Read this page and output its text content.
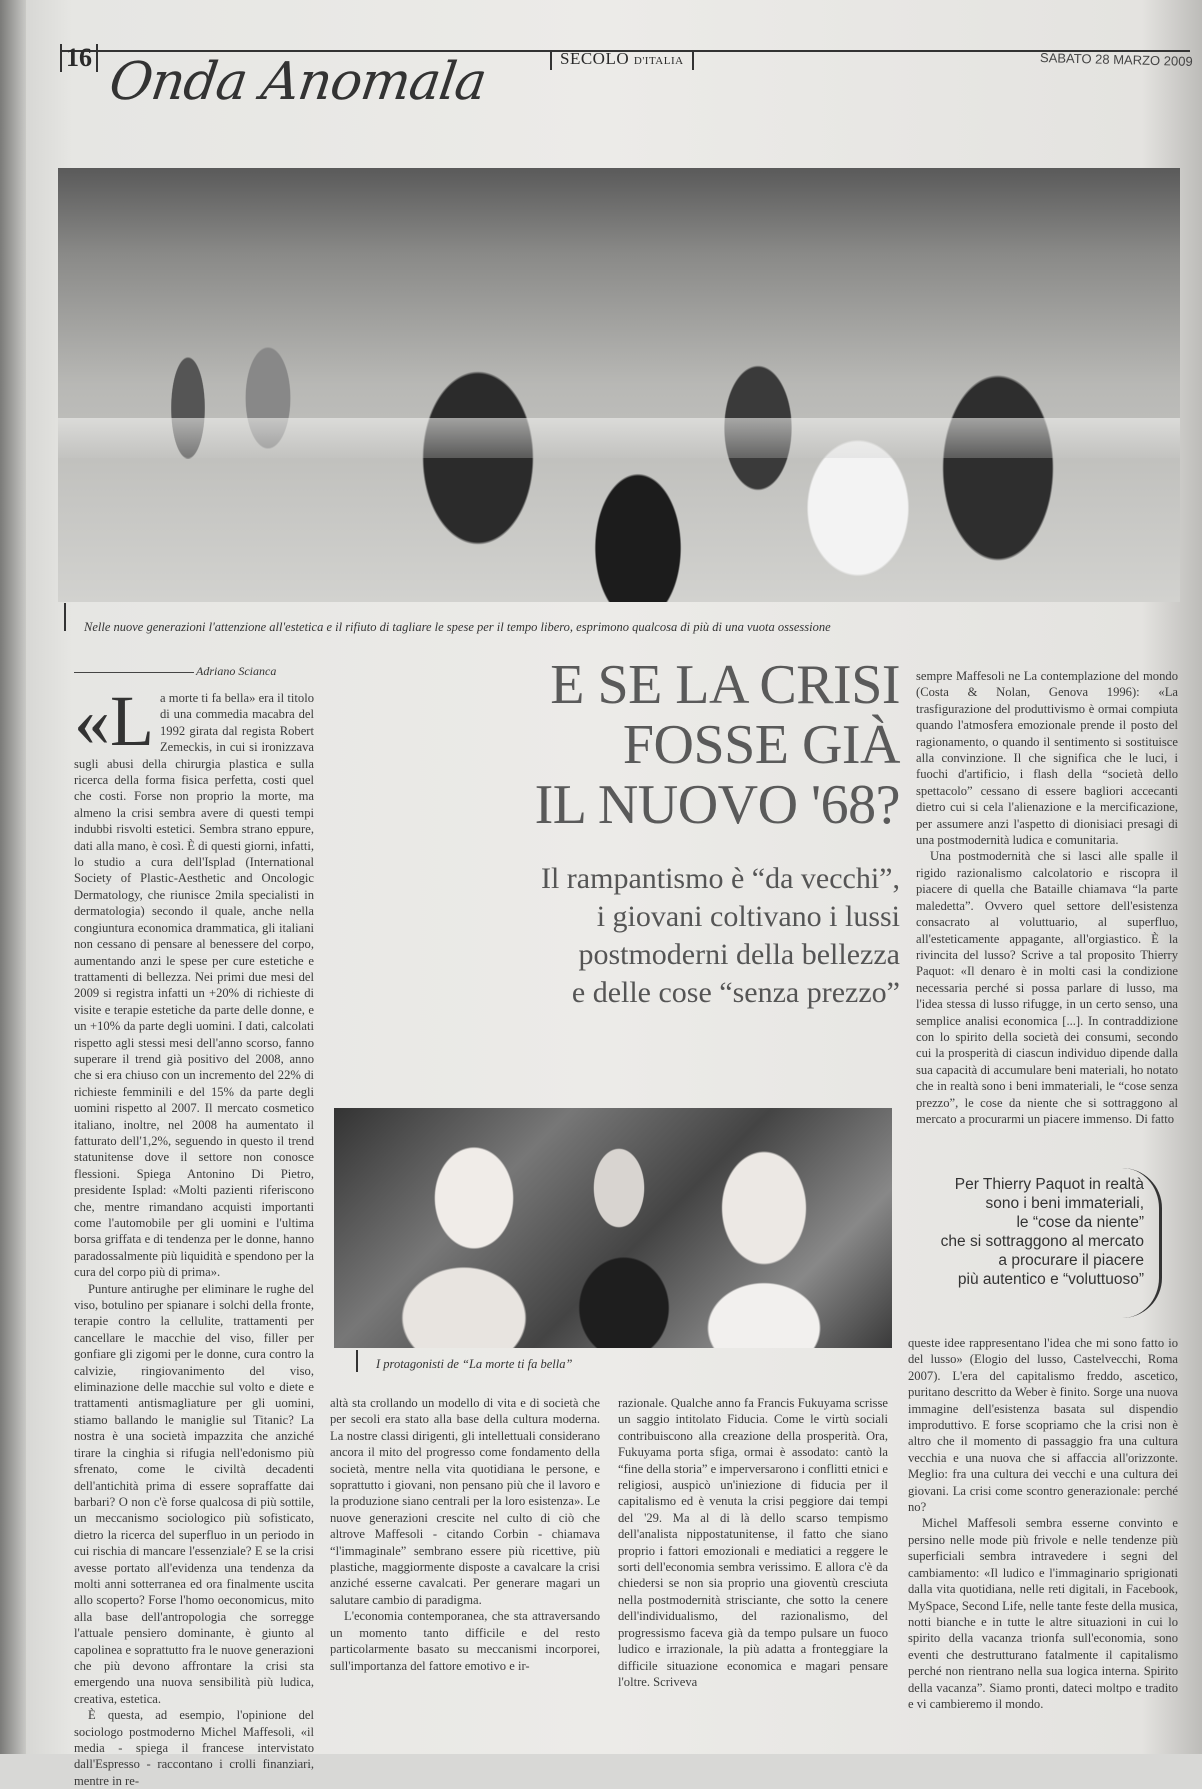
16 Onda Anomala	SECOLO D'ITALIA	SABATO 28 MARZO 2009
Nelle nuove generazioni l'attenzione all'estetica e il rifiuto di tagliare le spese per il tempo libero, esprimono qualcosa di più di una vuota ossessione
Adriano Scianca	E SE LA CRISI
FOSSE GIÀ
IL NUOVO '68?
Il rampantismo è “da vecchi”,
i giovani coltivano i lussi
postmoderni della bellezza
e delle cose “senza prezzo”

«La morte ti fa bella» era il titolo di una commedia macabra del 1992 girata dal regista Robert Zemeckis, in cui si ironizzava sugli abusi della chirurgia plastica e sulla ricerca della forma fisica perfetta, costi quel che costi. Forse non proprio la morte, ma almeno la crisi sembra avere di questi tempi indubbi risvolti estetici. Sembra strano eppure, dati alla mano, è così. È di questi giorni, infatti, lo studio a cura dell'Isplad (International Society of Plastic-Aesthetic and Oncologic Dermatology, che riunisce 2mila specialisti in dermatologia) secondo il quale, anche nella congiuntura economica drammatica, gli italiani non cessano di pensare al benessere del corpo, aumentando anzi le spese per cure estetiche e trattamenti di bellezza. Nei primi due mesi del 2009 si registra infatti un +20% di richieste di visite e terapie estetiche da parte delle donne, e un +10% da parte degli uomini. I dati, calcolati rispetto agli stessi mesi dell'anno scorso, fanno superare il trend già positivo del 2008, anno che si era chiuso con un incremento del 22% di richieste femminili e del 15% da parte degli uomini rispetto al 2007. Il mercato cosmetico italiano, inoltre, nel 2008 ha aumentato il fatturato dell'1,2%, seguendo in questo il trend statunitense dove il settore non conosce flessioni. Spiega Antonino Di Pietro, presidente Isplad: «Molti pazienti riferiscono che, mentre rimandano acquisti importanti come l'automobile per gli uomini e l'ultima borsa griffata e di tendenza per le donne, hanno paradossalmente più liquidità e spendono per la cura del corpo più di prima».

Punture antirughe per eliminare le rughe del viso, botulino per spianare i solchi della fronte, terapie contro la cellulite, trattamenti per cancellare le macchie del viso, filler per gonfiare gli zigomi per le donne, cura contro la calvizie, ringiovanimento del viso, eliminazione delle macchie sul volto e diete e trattamenti antismagliature per gli uomini, stiamo ballando le maniglie sul Titanic? La nostra è una società impazzita che anziché tirare la cinghia si rifugia nell'edonismo più sfrenato, come le civiltà decadenti dell'antichità prima di essere sopraffatte dai barbari? O non c'è forse qualcosa di più sottile, un meccanismo sociologico più sofisticato, dietro la ricerca del superfluo in un periodo in cui rischia di mancare l'essenziale? E se la crisi avesse portato all'evidenza una tendenza da molti anni sotterranea ed ora finalmente uscita allo scoperto? Forse l'homo oeconomicus, mito alla base dell'antropologia che sorregge l'attuale pensiero dominante, è giunto al capolinea e soprattutto fra le nuove generazioni che più devono affrontare la crisi sta emergendo una nuova sensibilità più ludica, creativa, estetica.

È questa, ad esempio, l'opinione del sociologo postmoderno Michel Maffesoli, «il media - spiega il francese intervistato dall'Espresso - raccontano i crolli finanziari, mentre in re-

I protagonisti de “La morte ti fa bella”

altà sta crollando un modello di vita e di società che per secoli era stato alla base della cultura moderna. La nostre classi dirigenti, gli intellettuali considerano ancora il mito del progresso come fondamento della società, mentre nella vita quotidiana le persone, e soprattutto i giovani, non pensano più che il lavoro e la produzione siano centrali per la loro esistenza». Le nuove generazioni crescite nel culto di ciò che altrove Maffesoli - citando Corbin - chiamava “l'immaginale” sembrano essere più ricettive, più plastiche, maggiormente disposte a cavalcare la crisi anziché esserne cavalcati. Per generare magari un salutare cambio di paradigma.

L'economia contemporanea, che sta attraversando un momento tanto difficile e del resto particolarmente basato su meccanismi incorporei, sull'importanza del fattore emotivo e ir-

razionale. Qualche anno fa Francis Fukuyama scrisse un saggio intitolato Fiducia. Come le virtù sociali contribuiscono alla creazione della prosperità. Ora, Fukuyama porta sfiga, ormai è assodato: cantò la “fine della storia” e imperversarono i conflitti etnici e religiosi, auspicò un'iniezione di fiducia per il capitalismo ed è venuta la crisi peggiore dai tempi del '29. Ma al di là dello scarso tempismo dell'analista nippostatunitense, il fatto che siano proprio i fattori emozionali e mediatici a reggere le sorti dell'economia sembra verissimo. E allora c'è da chiedersi se non sia proprio una gioventù cresciuta nella postmodernità strisciante, che sotto la cenere dell'individualismo, del razionalismo, del progressismo faceva già da tempo pulsare un fuoco ludico e irrazionale, la più adatta a fronteggiare la difficile situazione economica e magari pensare l'oltre. Scriveva

sempre Maffesoli ne La contemplazione del mondo (Costa & Nolan, Genova 1996): «La trasfigurazione del produttivismo è ormai compiuta quando l'atmosfera emozionale prende il posto del ragionamento, o quando il sentimento si sostituisce alla convinzione. Il che significa che le luci, i fuochi d'artificio, i flash della “società dello spettacolo” cessano di essere bagliori accecanti dietro cui si cela l'alienazione e la mercificazione, per assumere anzi l'aspetto di dionisiaci presagi di una postmodernità ludica e comunitaria.

Una postmodernità che si lasci alle spalle il rigido razionalismo calcolatorio e riscopra il piacere di quella che Bataille chiamava “la parte maledetta”. Ovvero quel settore dell'esistenza consacrato al voluttuario, al superfluo, all'esteticamente appagante, all'orgiastico. È la rivincita del lusso? Scrive a tal proposito Thierry Paquot: «Il denaro è in molti casi la condizione necessaria perché si possa parlare di lusso, ma l'idea stessa di lusso rifugge, in un certo senso, una semplice analisi economica [...]. In contraddizione con lo spirito della società dei consumi, secondo cui la prosperità di ciascun individuo dipende dalla sua capacità di accumulare beni materiali, ho notato che in realtà sono i beni immateriali, le “cose senza prezzo”, le cose da niente che si sottraggono al mercato a procurarmi un piacere immenso. Di fatto

Per Thierry Paquot in realtà
sono i beni immateriali,
le “cose da niente”
che si sottraggono al mercato
a procurare il piacere
più autentico e “voluttuoso”

queste idee rappresentano l'idea che mi sono fatto io del lusso» (Elogio del lusso, Castelvecchi, Roma 2007). L'era del capitalismo freddo, ascetico, puritano descritto da Weber è finito. Sorge una nuova immagine dell'esistenza basata sul dispendio improduttivo. E forse scopriamo che la crisi non è altro che il momento di passaggio fra una cultura vecchia e una nuova che si affaccia all'orizzonte. Meglio: fra una cultura dei vecchi e una cultura dei giovani. La crisi come scontro generazionale: perché no?

Michel Maffesoli sembra esserne convinto e persino nelle mode più frivole e nelle tendenze più superficiali sembra intravedere i segni del cambiamento: «Il ludico e l'immaginario sprigionati dalla vita quotidiana, nelle reti digitali, in Facebook, MySpace, Second Life, nelle tante feste della musica, notti bianche e in tutte le altre situazioni in cui lo spirito della vacanza trionfa sull'economia, sono eventi che destrutturano fatalmente il capitalismo perché non rientrano nella sua logica interna. Spirito della vacanza”. Siamo pronti, dateci moltpo e tradito e vi cambieremo il mondo.
